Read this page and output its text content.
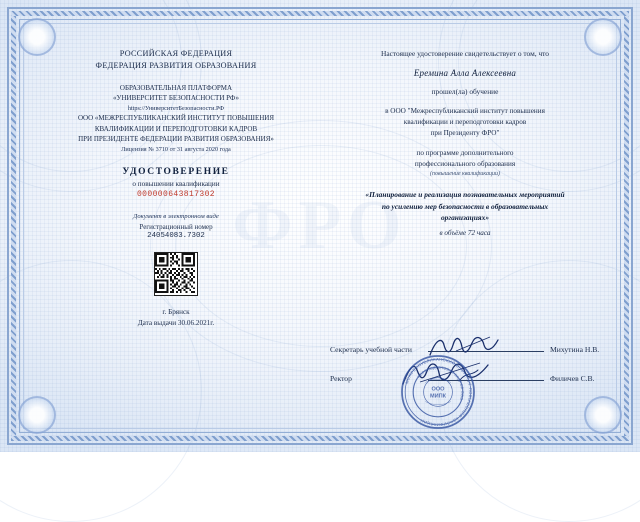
РОССИЙСКАЯ ФЕДЕРАЦИЯ
ФЕДЕРАЦИЯ РАЗВИТИЯ ОБРАЗОВАНИЯ
ОБРАЗОВАТЕЛЬНАЯ ПЛАТФОРМА
«УНИВЕРСИТЕТ БЕЗОПАСНОСТИ РФ»
https://УниверситетБезопасности.РФ
ООО «МЕЖРЕСПУБЛИКАНСКИЙ ИНСТИТУТ ПОВЫШЕНИЯ
КВАЛИФИКАЦИИ И ПЕРЕПОДГОТОВКИ КАДРОВ
ПРИ ПРЕЗИДЕНТЕ ФЕДЕРАЦИИ РАЗВИТИЯ ОБРАЗОВАНИЯ»
Лицензия № 3710 от 31 августа 2020 года
УДОСТОВЕРЕНИЕ
о повышении квалификации
000000643817302
Документ в электронном виде
Регистрационный номер
24054083.7302
г. Брянск
Дата выдачи 30.06.2021г.
Настоящее удостоверение свидетельствует о том, что
Еремина Алла Алексеевна
прошел(ла) обучение
в ООО "Межреспубликанский институт повышения
квалификации и переподготовки кадров
при Президенту ФРО"
по программе дополнительного
профессионального образования
(повышение квалификации)
«Планирование и реализация познавательных мероприятий
по усилению мер безопасности в образовательных
организациях»
в объёме 72 часа
Секретарь учебной части	Михутина Н.В.
Ректор	Филичев С.В.
МЕЖРЕСПУБЛИКАНСКИЙ ИНСТИТУТ ПОВЫШЕНИЯ КВАЛИФИКАЦИИ
ПЕРЕПОДГОТОВКИ КАДРОВ ООО
ООО
МИПК
